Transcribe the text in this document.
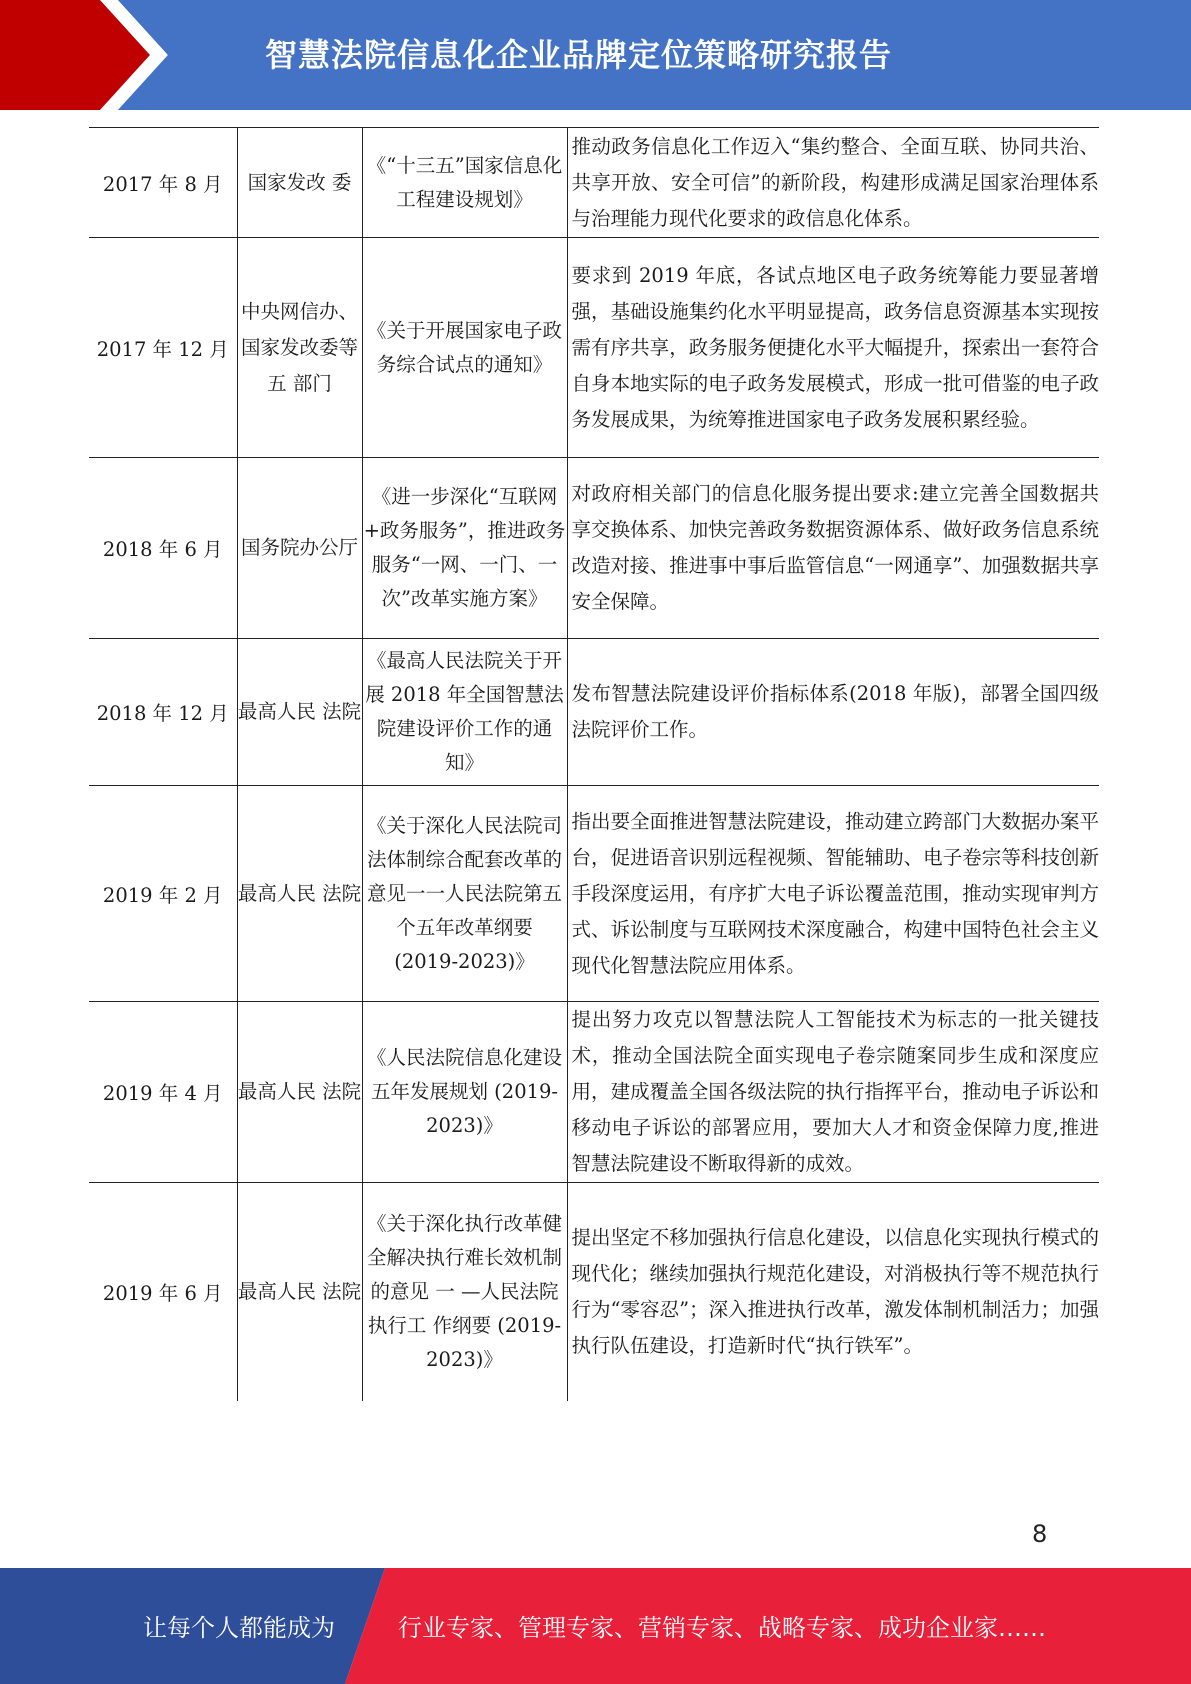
智慧法院信息化企业品牌定位策略研究报告
2017 年 8 月	国家发改 委	《“十三五”国家信息化工程建设规划》	推动政务信息化工作迈入“集约整合、全面互联、协同共治、共享开放、安全可信”的新阶段，构建形成满足国家治理体系与治理能力现代化要求的政信息化体系。
2017 年 12 月	中央网信办、国家发改委等五 部门	《关于开展国家电子政务综合试点的通知》	要求到 2019 年底，各试点地区电子政务统筹能力要显著增强，基础设施集约化水平明显提高，政务信息资源基本实现按需有序共享，政务服务便捷化水平大幅提升，探索出一套符合自身本地实际的电子政务发展模式，形成一批可借鉴的电子政务发展成果，为统筹推进国家电子政务发展积累经验。
2018 年 6 月	国务院办公厅	《进一步深化“互联网+政务服务”，推进政务服务“一网、一门、一次”改革实施方案》	对政府相关部门的信息化服务提出要求:建立完善全国数据共享交换体系、加快完善政务数据资源体系、做好政务信息系统改造对接、推进事中事后监管信息“一网通享”、加强数据共享安全保障。
2018 年 12 月	最高人民 法院	《最高人民法院关于开展 2018 年全国智慧法院建设评价工作的通知》	发布智慧法院建设评价指标体系(2018 年版)，部署全国四级法院评价工作。
2019 年 2 月	最高人民 法院	《关于深化人民法院司法体制综合配套改革的意见一一人民法院第五个五年改革纲要 (2019-2023)》	指出要全面推进智慧法院建设，推动建立跨部门大数据办案平台，促进语音识别远程视频、智能辅助、电子卷宗等科技创新手段深度运用，有序扩大电子诉讼覆盖范围，推动实现审判方式、诉讼制度与互联网技术深度融合，构建中国特色社会主义现代化智慧法院应用体系。
2019 年 4 月	最高人民 法院	《人民法院信息化建设五年发展规划 (2019-2023)》	提出努力攻克以智慧法院人工智能技术为标志的一批关键技术，推动全国法院全面实现电子卷宗随案同步生成和深度应用，建成覆盖全国各级法院的执行指挥平台，推动电子诉讼和移动电子诉讼的部署应用，要加大人才和资金保障力度,推进智慧法院建设不断取得新的成效。
2019 年 6 月	最高人民 法院	《关于深化执行改革健全解决执行难长效机制的意见 一 —人民法院执行工 作纲要 (2019-2023)》	提出坚定不移加强执行信息化建设，以信息化实现执行模式的现代化；继续加强执行规范化建设，对消极执行等不规范执行行为“零容忍”；深入推进执行改革，激发体制机制活力；加强执行队伍建设，打造新时代“执行铁军”。
8
让每个人都能成为	行业专家、管理专家、营销专家、战略专家、成功企业家……
